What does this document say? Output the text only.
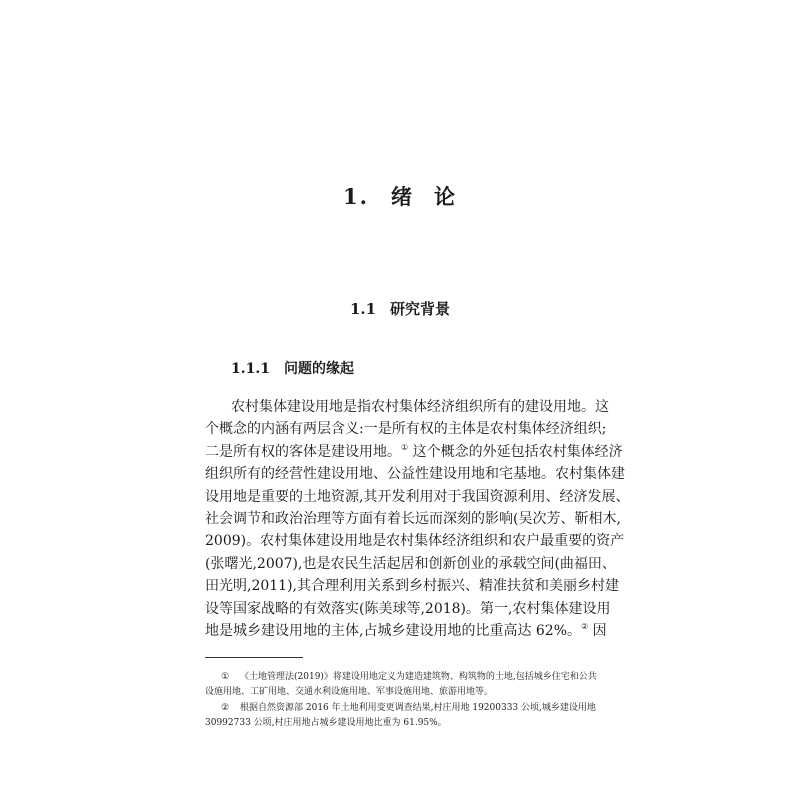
1. 绪 论
1.1 研究背景
1.1.1 问题的缘起
农村集体建设用地是指农村集体经济组织所有的建设用地。这
个概念的内涵有两层含义:一是所有权的主体是农村集体经济组织;
二是所有权的客体是建设用地。① 这个概念的外延包括农村集体经济
组织所有的经营性建设用地、公益性建设用地和宅基地。农村集体建
设用地是重要的土地资源,其开发利用对于我国资源利用、经济发展、
社会调节和政治治理等方面有着长远而深刻的影响(吴次芳、靳相木,
2009)。农村集体建设用地是农村集体经济组织和农户最重要的资产
(张曙光,2007),也是农民生活起居和创新创业的承载空间(曲福田、
田光明,2011),其合理利用关系到乡村振兴、精准扶贫和美丽乡村建
设等国家战略的有效落实(陈美球等,2018)。第一,农村集体建设用
地是城乡建设用地的主体,占城乡建设用地的比重高达 62%。② 因
① 《土地管理法(2019)》将建设用地定义为建造建筑物、构筑物的土地,包括城乡住宅和公共
设施用地、工矿用地、交通水利设施用地、军事设施用地、旅游用地等。
② 根据自然资源部 2016 年土地利用变更调查结果,村庄用地 19200333 公顷,城乡建设用地
30992733 公顷,村庄用地占城乡建设用地比重为 61.95%。
